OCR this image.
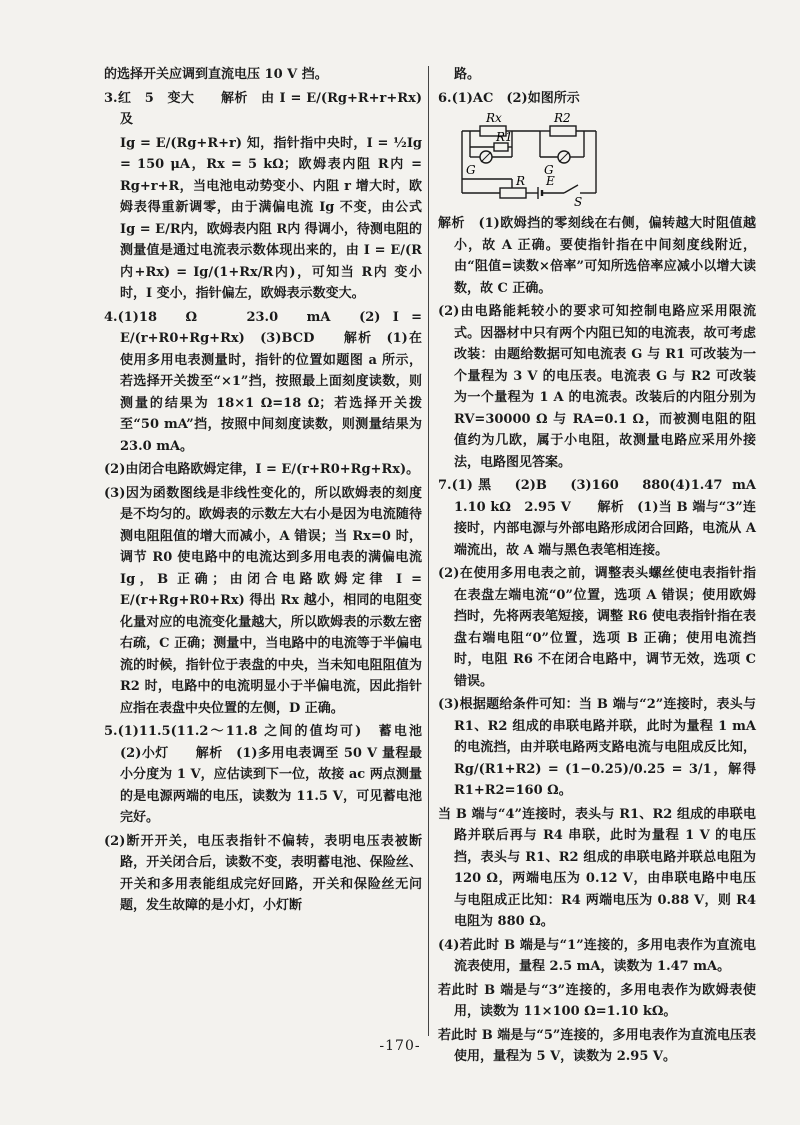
的选择开关应调到直流电压 10 V 挡。

3.红　5　变大　　解析　由 I = E/(Rg+R+r+Rx) 及

Ig = E/(Rg+R+r) 知，指针指中央时，I = ½Ig = 150 μA，Rx = 5 kΩ；欧姆表内阻 R内 = Rg+r+R，当电池电动势变小、内阻 r 增大时，欧姆表得重新调零，由于满偏电流 Ig 不变，由公式 Ig = E/R内，欧姆表内阻 R内 得调小，待测电阻的测量值是通过电流表示数体现出来的，由 I = E/(R内+Rx) = Ig/(1+Rx/R内)，可知当 R内 变小时，I 变小，指针偏左，欧姆表示数变大。

4.(1)18　Ω　　23.0　mA　(2) I = E/(r+R0+Rg+Rx)　(3)BCD　　解析　(1)在使用多用电表测量时，指针的位置如题图 a 所示，若选择开关拨至“×1”挡，按照最上面刻度读数，则测量的结果为 18×1 Ω=18 Ω；若选择开关拨至“50 mA”挡，按照中间刻度读数，则测量结果为 23.0 mA。

(2)由闭合电路欧姆定律，I = E/(r+R0+Rg+Rx)。

(3)因为函数图线是非线性变化的，所以欧姆表的刻度是不均匀的。欧姆表的示数左大右小是因为电流随待测电阻阻值的增大而减小，A 错误；当 Rx=0 时，调节 R0 使电路中的电流达到多用电表的满偏电流 Ig，B 正确；由闭合电路欧姆定律 I = E/(r+Rg+R0+Rx) 得出 Rx 越小，相同的电阻变化量对应的电流变化量越大，所以欧姆表的示数左密右疏，C 正确；测量中，当电路中的电流等于半偏电流的时候，指针位于表盘的中央，当未知电阻阻值为 R2 时，电路中的电流明显小于半偏电流，因此指针应指在表盘中央位置的左侧，D 正确。

5.(1)11.5(11.2～11.8 之间的值均可)　蓄电池　(2)小灯　　解析　(1)多用电表调至 50 V 量程最小分度为 1 V，应估读到下一位，故接 ac 两点测量的是电源两端的电压，读数为 11.5 V，可见蓄电池完好。

(2)断开开关，电压表指针不偏转，表明电压表被断路，开关闭合后，读数不变，表明蓄电池、保险丝、开关和多用表能组成完好回路，开关和保险丝无问题，发生故障的是小灯，小灯断

路。

6.(1)AC　(2)如图所示

Rx	R2
R1
G	G
R E
S

解析　(1)欧姆挡的零刻线在右侧，偏转越大时阻值越小，故 A 正确。要使指针指在中间刻度线附近，由“阻值=读数×倍率”可知所选倍率应减小以增大读数，故 C 正确。

(2)由电路能耗较小的要求可知控制电路应采用限流式。因器材中只有两个内阻已知的电流表，故可考虑改装：由题给数据可知电流表 G 与 R1 可改装为一个量程为 3 V 的电压表。电流表 G 与 R2 可改装为一个量程为 1 A 的电流表。改装后的内阻分别为 RV=30000 Ω 与 RA=0.1 Ω，而被测电阻的阻值约为几欧，属于小电阻，故测量电路应采用外接法，电路图见答案。

7.(1)黑　(2)B　(3)160　880(4)1.47 mA　1.10 kΩ　2.95 V　　解析　(1)当 B 端与“3”连接时，内部电源与外部电路形成闭合回路，电流从 A 端流出，故 A 端与黑色表笔相连接。

(2)在使用多用电表之前，调整表头螺丝使电表指针指在表盘左端电流“0”位置，选项 A 错误；使用欧姆挡时，先将两表笔短接，调整 R6 使电表指针指在表盘右端电阻“0”位置，选项 B 正确；使用电流挡时，电阻 R6 不在闭合电路中，调节无效，选项 C 错误。

(3)根据题给条件可知：当 B 端与“2”连接时，表头与 R1、R2 组成的串联电路并联，此时为量程 1 mA 的电流挡，由并联电路两支路电流与电阻成反比知，Rg/(R1+R2) = (1−0.25)/0.25 = 3/1，解得 R1+R2=160 Ω。

当 B 端与“4”连接时，表头与 R1、R2 组成的串联电路并联后再与 R4 串联，此时为量程 1 V 的电压挡，表头与 R1、R2 组成的串联电路并联总电阻为 120 Ω，两端电压为 0.12 V，由串联电路中电压与电阻成正比知：R4 两端电压为 0.88 V，则 R4 电阻为 880 Ω。

(4)若此时 B 端是与“1”连接的，多用电表作为直流电流表使用，量程 2.5 mA，读数为 1.47 mA。

若此时 B 端是与“3”连接的，多用电表作为欧姆表使用，读数为 11×100 Ω=1.10 kΩ。

若此时 B 端是与“5”连接的，多用电表作为直流电压表使用，量程为 5 V，读数为 2.95 V。

-170-
